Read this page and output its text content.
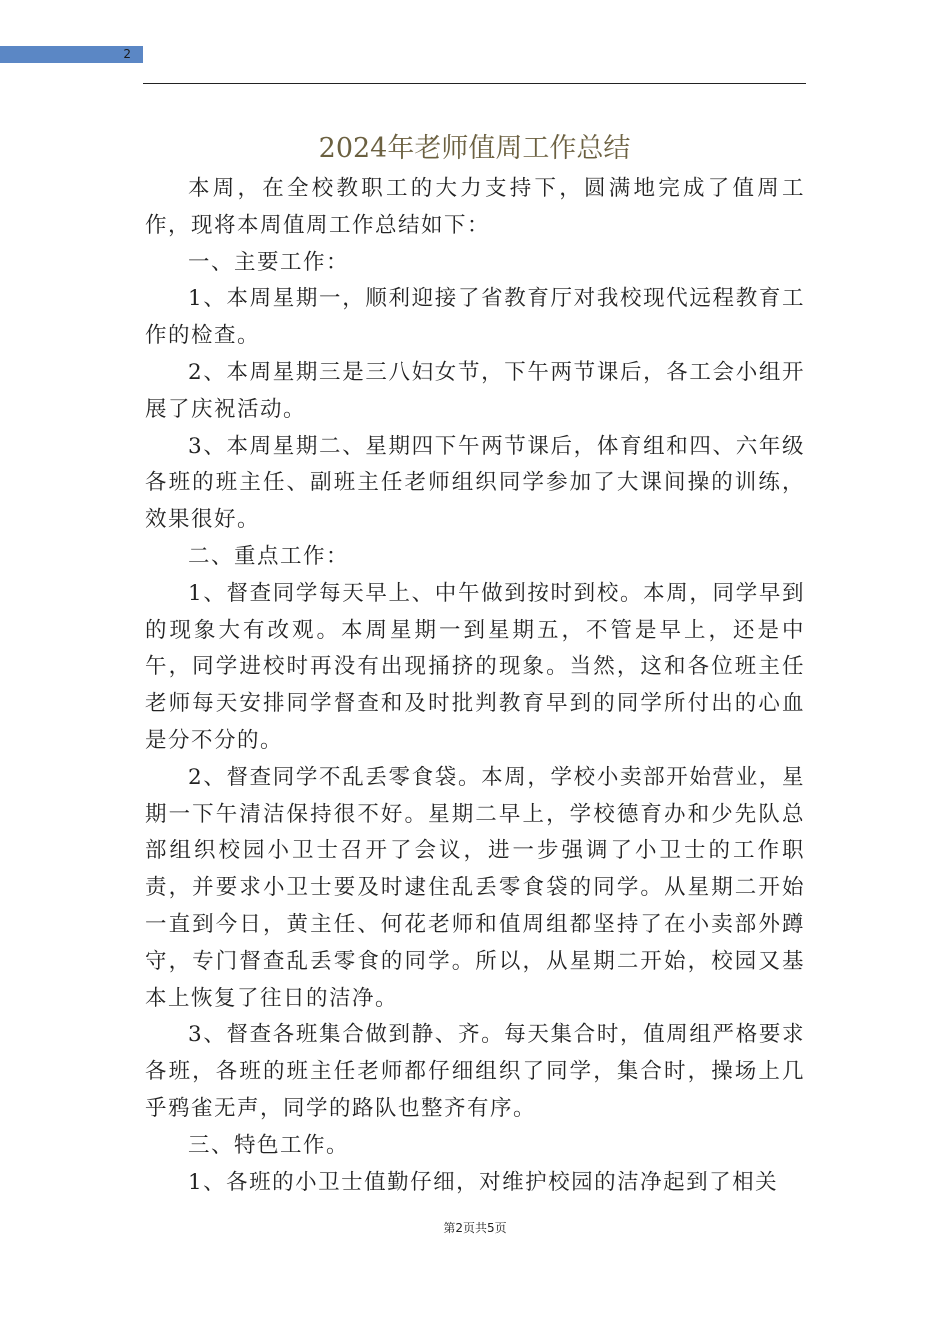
2
2024年老师值周工作总结

本周，在全校教职工的大力支持下，圆满地完成了值周工作，现将本周值周工作总结如下：

一、主要工作：

1、本周星期一，顺利迎接了省教育厅对我校现代远程教育工作的检查。

2、本周星期三是三八妇女节，下午两节课后，各工会小组开展了庆祝活动。

3、本周星期二、星期四下午两节课后，体育组和四、六年级各班的班主任、副班主任老师组织同学参加了大课间操的训练，效果很好。

二、重点工作：

1、督查同学每天早上、中午做到按时到校。本周，同学早到的现象大有改观。本周星期一到星期五，不管是早上，还是中午，同学进校时再没有出现捅挤的现象。当然，这和各位班主任老师每天安排同学督查和及时批判教育早到的同学所付出的心血是分不分的。

2、督查同学不乱丢零食袋。本周，学校小卖部开始营业，星期一下午清洁保持很不好。星期二早上，学校德育办和少先队总部组织校园小卫士召开了会议，进一步强调了小卫士的工作职责，并要求小卫士要及时逮住乱丢零食袋的同学。从星期二开始一直到今日，黄主任、何花老师和值周组都坚持了在小卖部外蹲守，专门督查乱丢零食的同学。所以，从星期二开始，校园又基本上恢复了往日的洁净。

3、督查各班集合做到静、齐。每天集合时，值周组严格要求各班，各班的班主任老师都仔细组织了同学，集合时，操场上几乎鸦雀无声，同学的路队也整齐有序。

三、特色工作。

1、各班的小卫士值勤仔细，对维护校园的洁净起到了相关

第2页共5页
